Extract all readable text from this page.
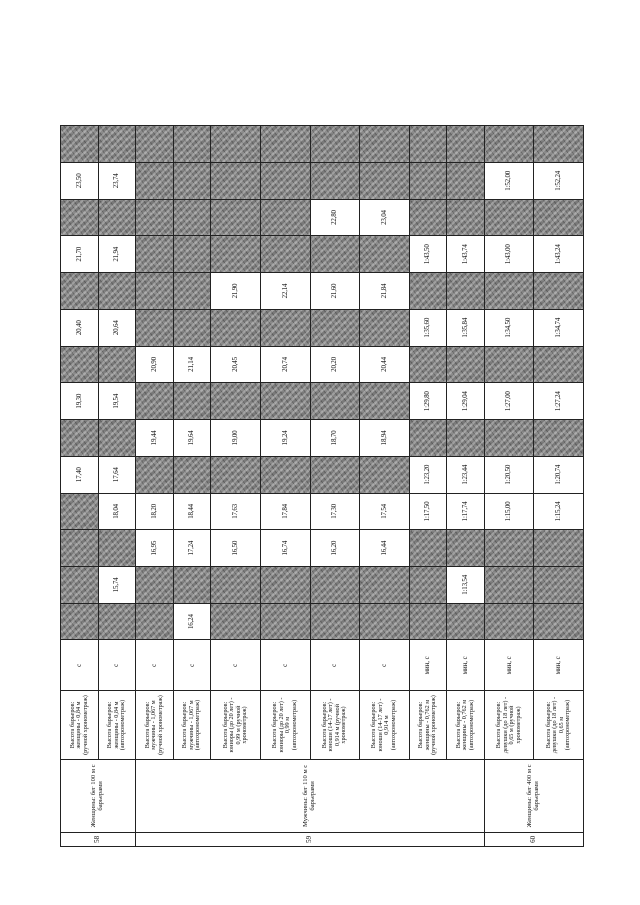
58	Женщины: бег 100 м с барьерами	Высота барьеров: женщины - 0,84 м (ручной хронометраж)	с					17,40		19,30		20,40		21,70		23,50	
		Высота барьеров: женщины - 0,84 м (автохронометраж)	с		15,74		18,04	17,64		19,54		20,64		21,94		23,74	
59	Мужчины: бег 110 м с барьерами	Высота барьеров: мужчины - 1,067 м (ручной хронометраж)	с			16,95	18,20		19,44		20,90						
		Высота барьеров: мужчины - 1,067 м (автохронометраж)	с	16,24		17,24	18,44		19,64		21,14						
		Высота барьеров: юниоры (до 20 лет) - 0,99 м (ручной хронометраж)	с			16,50	17,63		19,00		20,45		21,90				
		Высота барьеров: юниоры (до 20 лет) - 0,99 м (автохронометраж)	с			16,74	17,84		19,24		20,74		22,14				
		Высота барьеров: юноши (14-17 лет) - 0,914 м (ручной хронометраж)	с			16,20	17,30		18,70		20,20		21,60		22,80		
		Высота барьеров: юноши (14-17 лет) - 0,914 м (автохронометраж)	с			16,44	17,54		18,94		20,44		21,84		23,04		
		Высота барьеров: женщины - 0,762 м (ручной хронометраж)	мин, с				1:17,50	1:23,20		1:29,80		1:35,60		1:43,50			
		Высота барьеров: женщины - 0,762 м (автохронометраж)	мин, с		1:13,54		1:17,74	1:23,44		1:29,04		1:35,84		1:43,74			
60	Женщины: бег 400 м с барьерами	Высота барьеров: девушки (до 18 лет) - 0,65 м (ручной хронометраж)	мин, с				1:15,00	1:20,50		1:27,00		1:34,50		1:43,00		1:52,00	
		Высота барьеров: девушки (до 18 лет) - 0,65 м (автохронометраж)	мин, с				1:15,24	1:20,74		1:27,24		1:34,74		1:43,24		1:52,24	
